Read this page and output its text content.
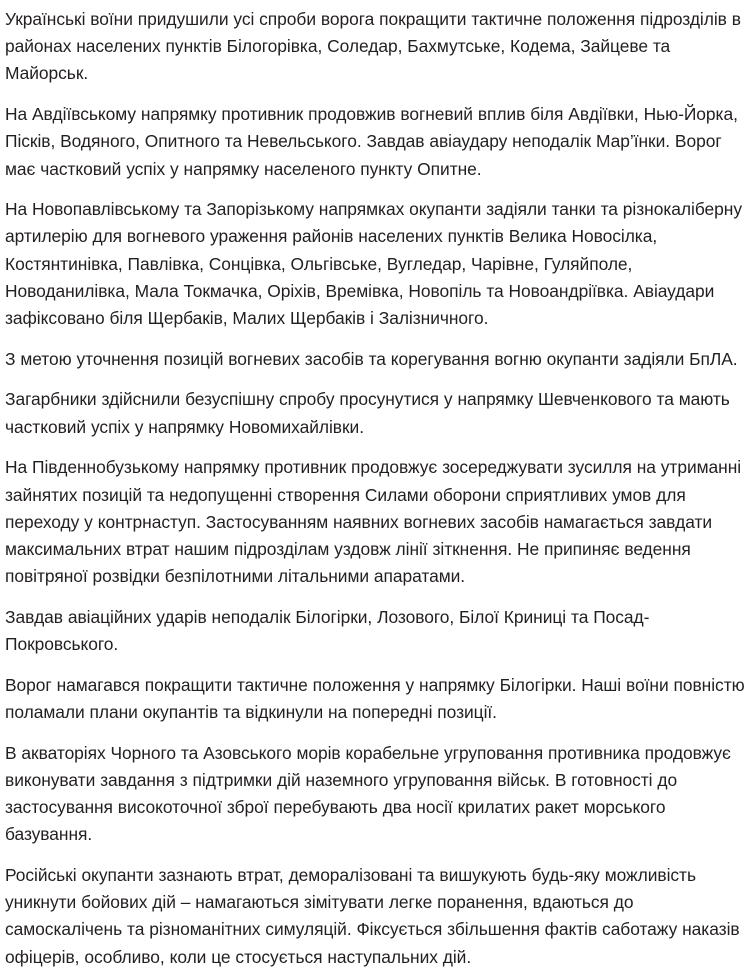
Українські воїни придушили усі спроби ворога покращити тактичне положення підрозділів в районах населених пунктів Білогорівка, Соледар, Бахмутське, Кодема, Зайцеве та Майорськ.

На Авдіївському напрямку противник продовжив вогневий вплив біля Авдіївки, Нью-Йорка, Пісків, Водяного, Опитного та Невельського. Завдав авіаудару неподалік Мар’їнки. Ворог має частковий успіх у напрямку населеного пункту Опитне.

На Новопавлівському та Запорізькому напрямках окупанти задіяли танки та різнокаліберну артилерію для вогневого ураження районів населених пунктів Велика Новосілка, Костянтинівка, Павлівка, Сонцівка, Ольгівське, Вугледар, Чарівне, Гуляйполе, Новоданилівка, Мала Токмачка, Оріхів, Времівка, Новопіль та Новоандріївка. Авіаудари зафіксовано біля Щербаків, Малих Щербаків і Залізничного.

З метою уточнення позицій вогневих засобів та корегування вогню окупанти задіяли БпЛА.

Загарбники здійснили безуспішну спробу просунутися у напрямку Шевченкового та мають частковий успіх у напрямку Новомихайлівки.

На Південнобузькому напрямку противник продовжує зосереджувати зусилля на утриманні зайнятих позицій та недопущенні створення Силами оборони сприятливих умов для переходу у контрнаступ. Застосуванням наявних вогневих засобів намагається завдати максимальних втрат нашим підрозділам уздовж лінії зіткнення. Не припиняє ведення повітряної розвідки безпілотними літальними апаратами.

Завдав авіаційних ударів неподалік Білогірки, Лозового, Білої Криниці та Посад-Покровського.

Ворог намагався покращити тактичне положення у напрямку Білогірки. Наші воїни повністю поламали плани окупантів та відкинули на попередні позиції.

В акваторіях Чорного та Азовського морів корабельне угруповання противника продовжує виконувати завдання з підтримки дій наземного угруповання військ. В готовності до застосування високоточної зброї перебувають два носії крилатих ракет морського базування.

Російські окупанти зазнають втрат, деморалізовані та вишукують будь-яку можливість уникнути бойових дій – намагаються зімітувати легке поранення, вдаються до самоскалічень та різноманітних симуляцій. Фіксується збільшення фактів саботажу наказів офіцерів, особливо, коли це стосується наступальних дій.
